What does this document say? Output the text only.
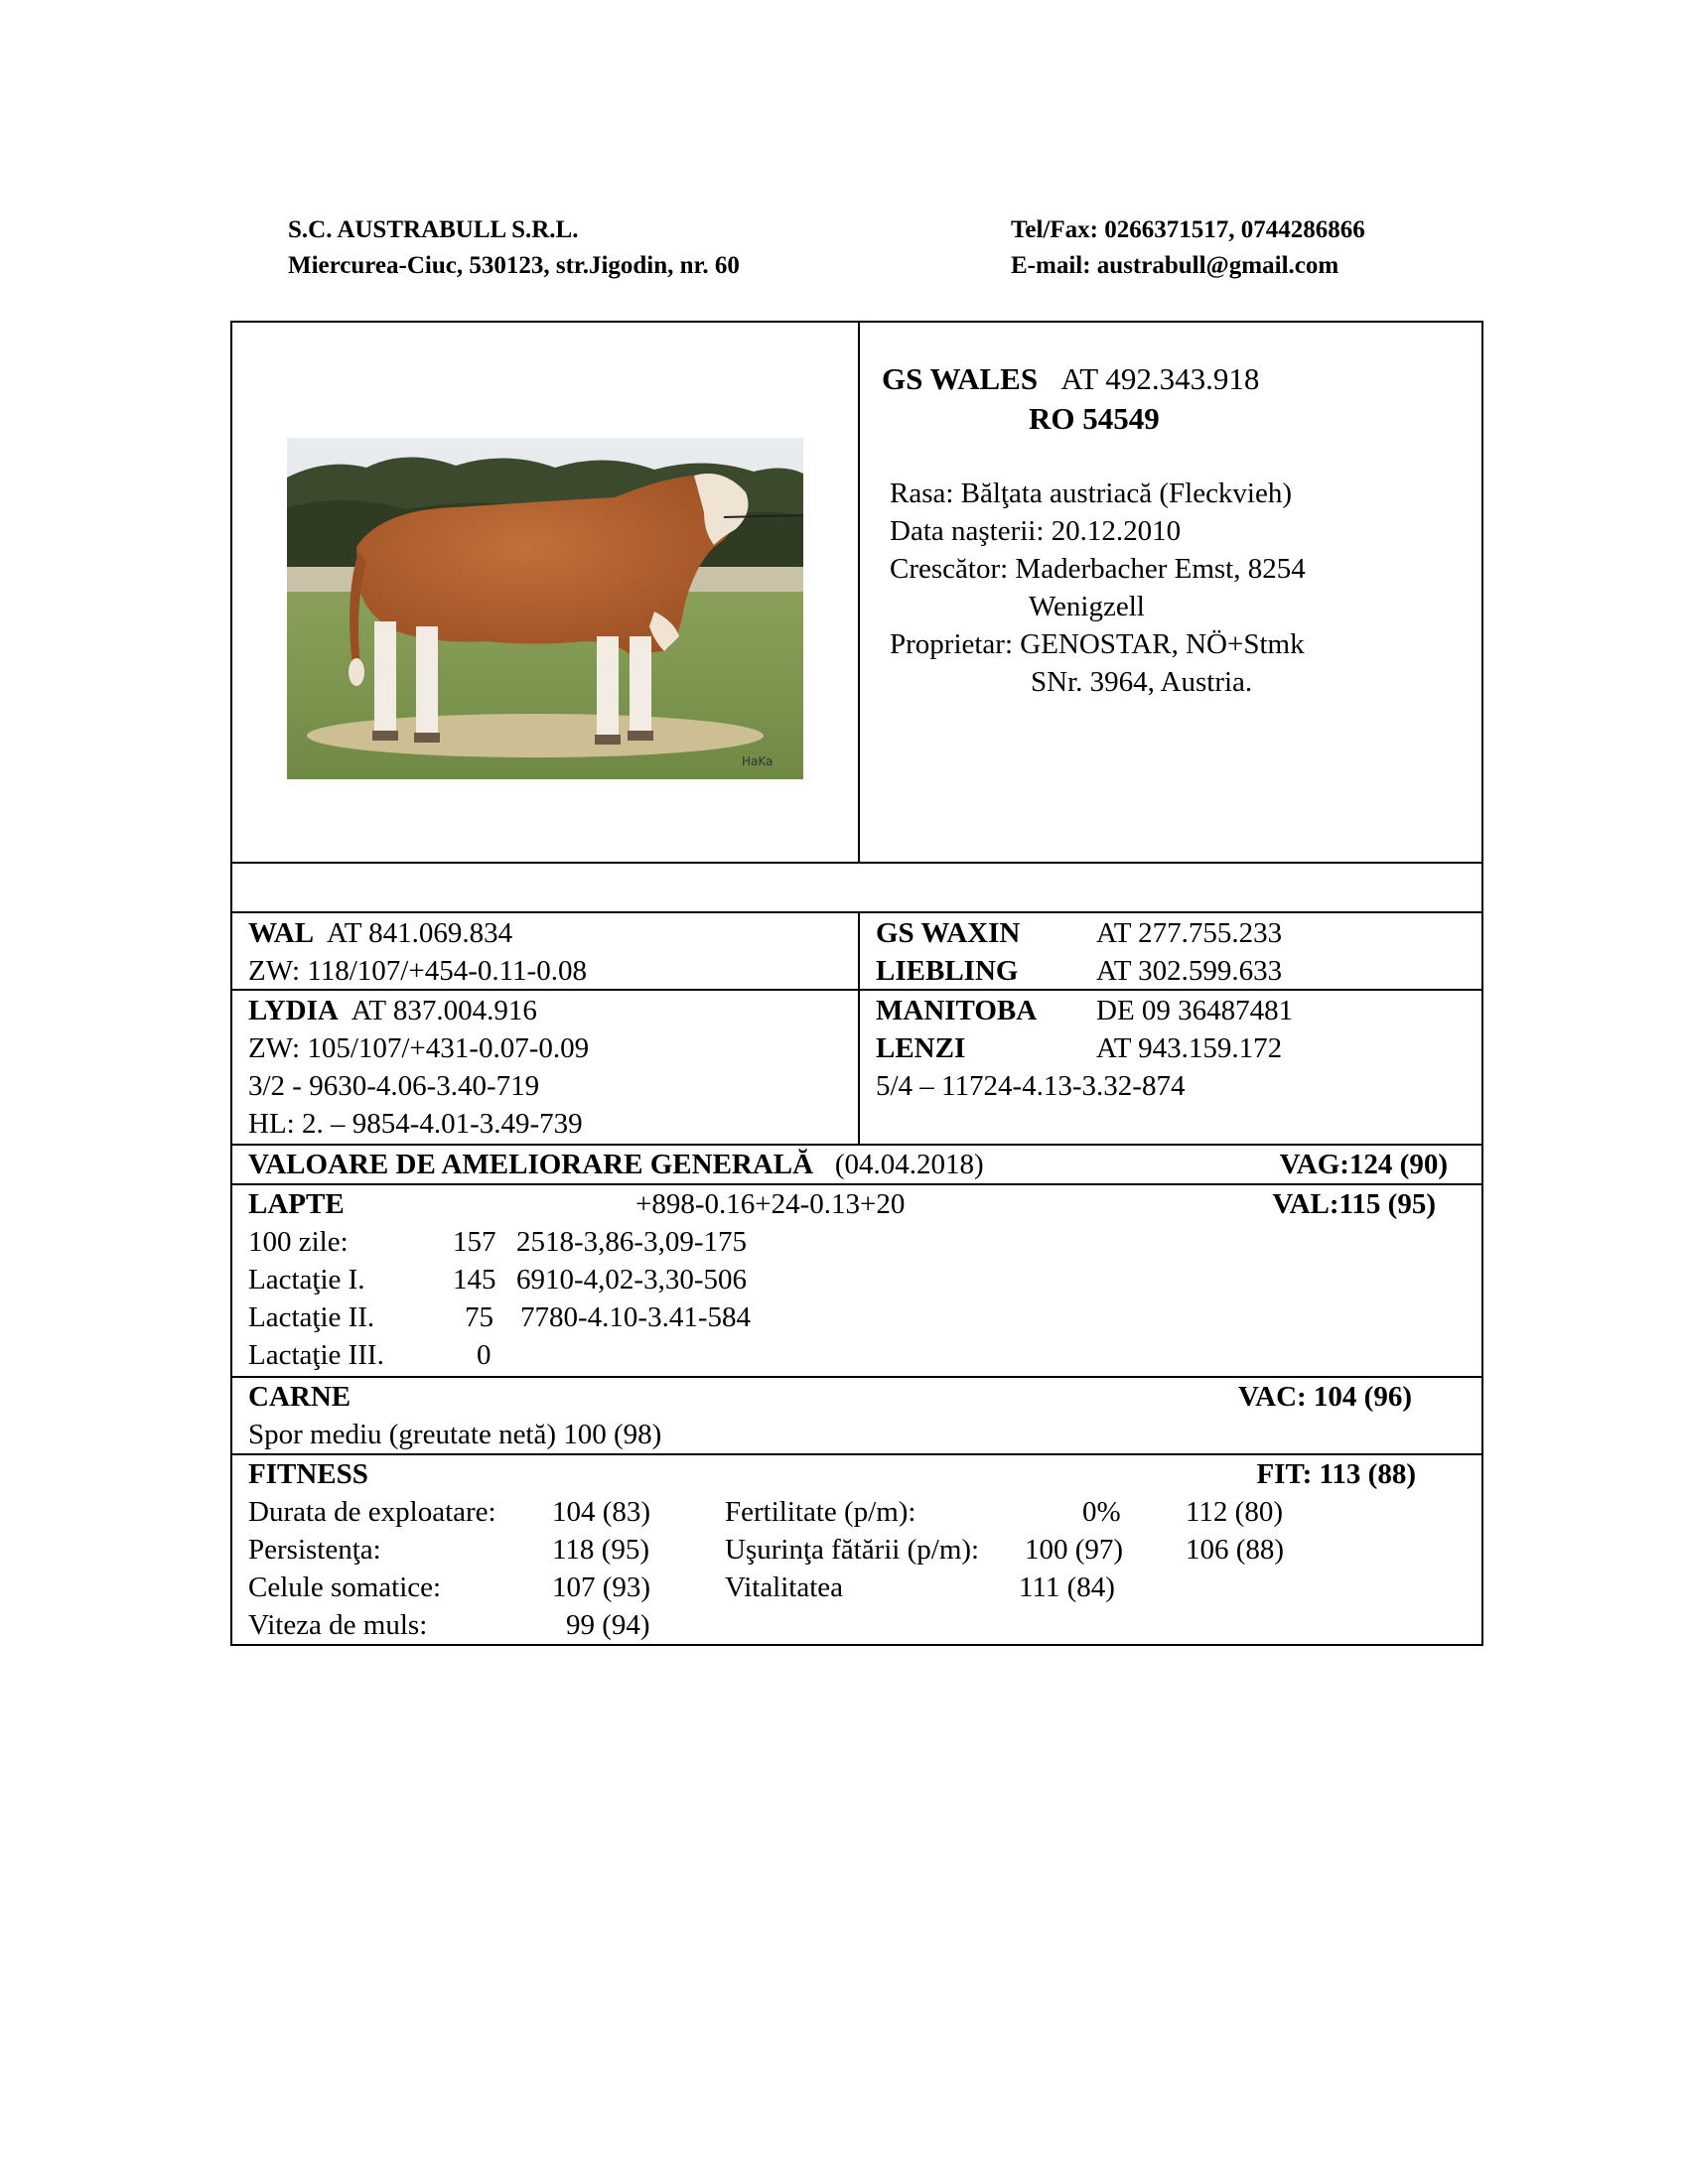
S.C. AUSTRABULL S.R.L.
Miercurea-Ciuc, 530123, str.Jigodin, nr. 60
Tel/Fax: 0266371517, 0744286866
E-mail: austrabull@gmail.com
HaKa
GS WALES AT 492.343.918
RO 54549
Rasa: Bălţata austriacă (Fleckvieh)
Data naşterii: 20.12.2010
Crescător: Maderbacher Emst, 8254
Wenigzell
Proprietar: GENOSTAR, NÖ+Stmk
SNr. 3964, Austria.
WAL AT 841.069.834
ZW: 118/107/+454-0.11-0.08
GS WAXIN	AT 277.755.233
LIEBLING	AT 302.599.633
LYDIA AT 837.004.916
ZW: 105/107/+431-0.07-0.09
3/2 - 9630-4.06-3.40-719
HL: 2. – 9854-4.01-3.49-739
MANITOBA DE 09 36487481
LENZI	AT 943.159.172
5/4 – 11724-4.13-3.32-874
VALOARE DE AMELIORARE GENERALĂ (04.04.2018)	VAG:124 (90)
LAPTE	+898-0.16+24-0.13+20	VAL:115 (95)
100 zile:	157 2518-3,86-3,09-175
Lactaţie I.	145 6910-4,02-3,30-506
Lactaţie II.	75 7780-4.10-3.41-584
Lactaţie III.	0
CARNE	VAC: 104 (96)
Spor mediu (greutate netă) 100 (98)
FITNESS	FIT: 113 (88)
Durata de exploatare: 104 (83)	Fertilitate (p/m):	0% 112 (80)
Persistenţa:	118 (95)	Uşurinţa fătării (p/m): 100 (97) 106 (88)
Celule somatice:	107 (93)	Vitalitatea	111 (84)
Viteza de muls:	99 (94)
